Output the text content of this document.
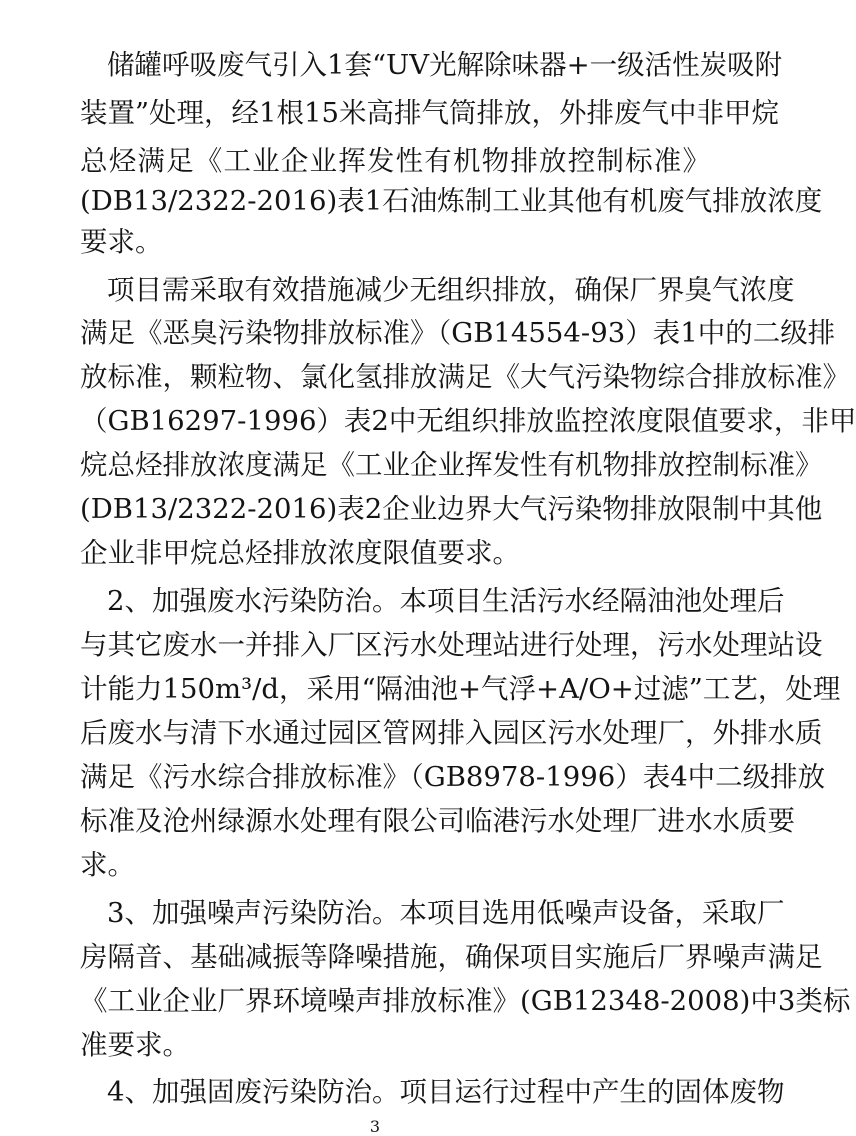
储罐呼吸废气引入1套“UV光解除味器+一级活性炭吸附
装置”处理，经1根15米高排气筒排放，外排废气中非甲烷
总烃满足《工业企业挥发性有机物排放控制标准》
(DB13/2322-2016)表1石油炼制工业其他有机废气排放浓度
要求。
项目需采取有效措施减少无组织排放，确保厂界臭气浓度
满足《恶臭污染物排放标准》（GB14554-93）表1中的二级排
放标准，颗粒物、氯化氢排放满足《大气污染物综合排放标准》
（GB16297-1996）表2中无组织排放监控浓度限值要求，非甲
烷总烃排放浓度满足《工业企业挥发性有机物排放控制标准》
(DB13/2322-2016)表2企业边界大气污染物排放限制中其他
企业非甲烷总烃排放浓度限值要求。
2、加强废水污染防治。本项目生活污水经隔油池处理后
与其它废水一并排入厂区污水处理站进行处理，污水处理站设
计能力150m³/d，采用“隔油池+气浮+A/O+过滤”工艺，处理
后废水与清下水通过园区管网排入园区污水处理厂，外排水质
满足《污水综合排放标准》（GB8978-1996）表4中二级排放
标准及沧州绿源水处理有限公司临港污水处理厂进水水质要
求。
3、加强噪声污染防治。本项目选用低噪声设备，采取厂
房隔音、基础减振等降噪措施，确保项目实施后厂界噪声满足
《工业企业厂界环境噪声排放标准》(GB12348-2008)中3类标
准要求。
4、加强固废污染防治。项目运行过程中产生的固体废物
3
